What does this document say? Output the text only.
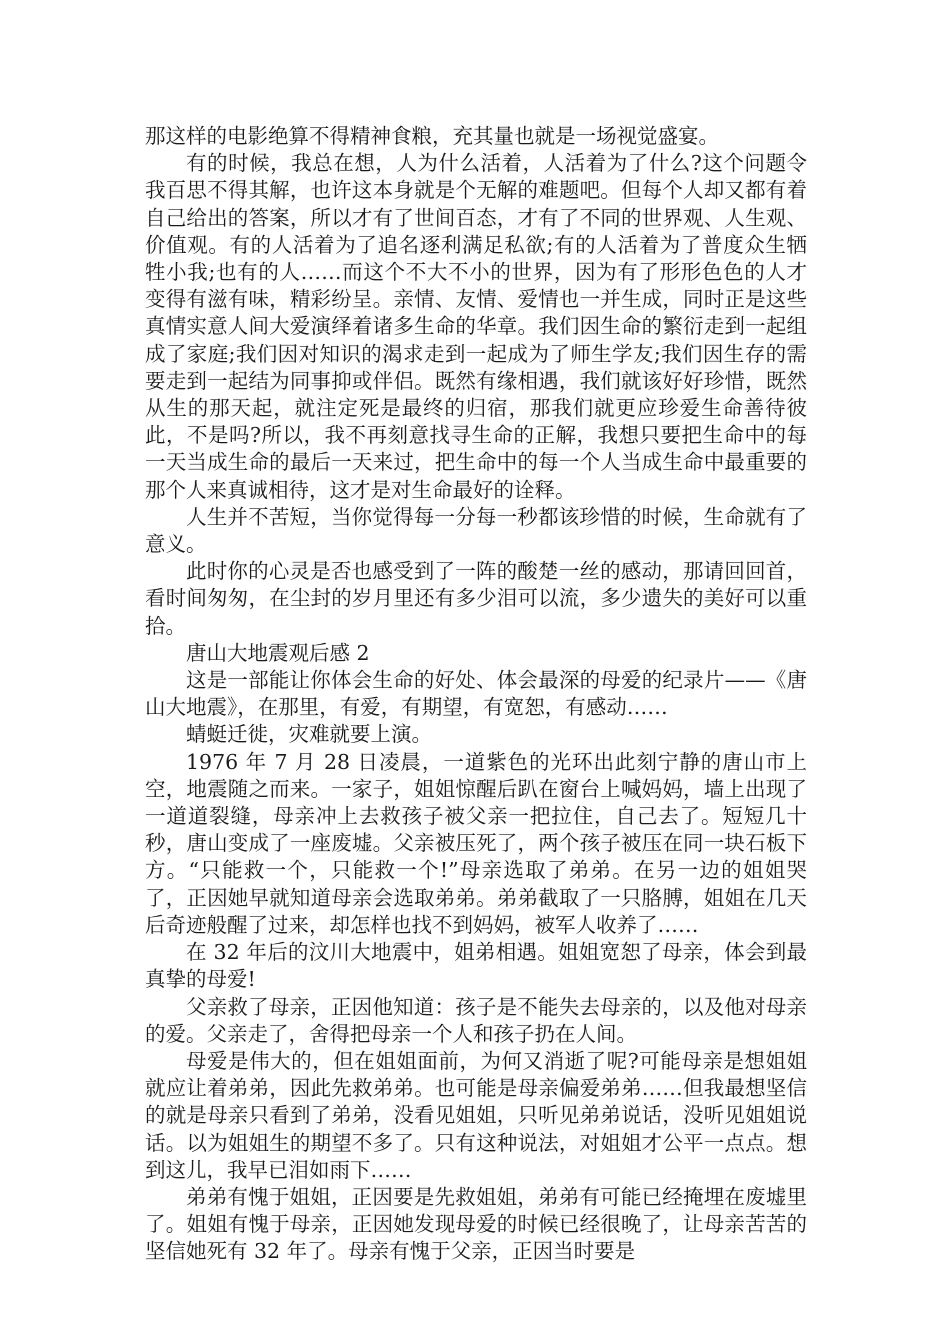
那这样的电影绝算不得精神食粮，充其量也就是一场视觉盛宴。

有的时候，我总在想，人为什么活着，人活着为了什么?这个问题令我百思不得其解，也许这本身就是个无解的难题吧。但每个人却又都有着自己给出的答案，所以才有了世间百态，才有了不同的世界观、人生观、价值观。有的人活着为了追名逐利满足私欲;有的人活着为了普度众生牺牲小我;也有的人……而这个不大不小的世界，因为有了形形色色的人才变得有滋有味，精彩纷呈。亲情、友情、爱情也一并生成，同时正是这些真情实意人间大爱演绎着诸多生命的华章。我们因生命的繁衍走到一起组成了家庭;我们因对知识的渴求走到一起成为了师生学友;我们因生存的需要走到一起结为同事抑或伴侣。既然有缘相遇，我们就该好好珍惜，既然从生的那天起，就注定死是最终的归宿，那我们就更应珍爱生命善待彼此，不是吗?所以，我不再刻意找寻生命的正解，我想只要把生命中的每一天当成生命的最后一天来过，把生命中的每一个人当成生命中最重要的那个人来真诚相待，这才是对生命最好的诠释。

人生并不苦短，当你觉得每一分每一秒都该珍惜的时候，生命就有了意义。

此时你的心灵是否也感受到了一阵的酸楚一丝的感动，那请回回首，看时间匆匆，在尘封的岁月里还有多少泪可以流，多少遗失的美好可以重拾。

唐山大地震观后感 2

这是一部能让你体会生命的好处、体会最深的母爱的纪录片——《唐山大地震》，在那里，有爱，有期望，有宽恕，有感动……

蜻蜓迁徙，灾难就要上演。

1976 年 7 月 28 日凌晨，一道紫色的光环出此刻宁静的唐山市上空，地震随之而来。一家子，姐姐惊醒后趴在窗台上喊妈妈，墙上出现了一道道裂缝，母亲冲上去救孩子被父亲一把拉住，自己去了。短短几十秒，唐山变成了一座废墟。父亲被压死了，两个孩子被压在同一块石板下方。“只能救一个，只能救一个!”母亲选取了弟弟。在另一边的姐姐哭了，正因她早就知道母亲会选取弟弟。弟弟截取了一只胳膊，姐姐在几天后奇迹般醒了过来，却怎样也找不到妈妈，被军人收养了……

在 32 年后的汶川大地震中，姐弟相遇。姐姐宽恕了母亲，体会到最真挚的母爱!

父亲救了母亲，正因他知道：孩子是不能失去母亲的，以及他对母亲的爱。父亲走了，舍得把母亲一个人和孩子扔在人间。

母爱是伟大的，但在姐姐面前，为何又消逝了呢?可能母亲是想姐姐就应让着弟弟，因此先救弟弟。也可能是母亲偏爱弟弟……但我最想坚信的就是母亲只看到了弟弟，没看见姐姐，只听见弟弟说话，没听见姐姐说话。以为姐姐生的期望不多了。只有这种说法，对姐姐才公平一点点。想到这儿，我早已泪如雨下……

弟弟有愧于姐姐，正因要是先救姐姐，弟弟有可能已经掩埋在废墟里了。姐姐有愧于母亲，正因她发现母爱的时候已经很晚了，让母亲苦苦的坚信她死有 32 年了。母亲有愧于父亲，正因当时要是
